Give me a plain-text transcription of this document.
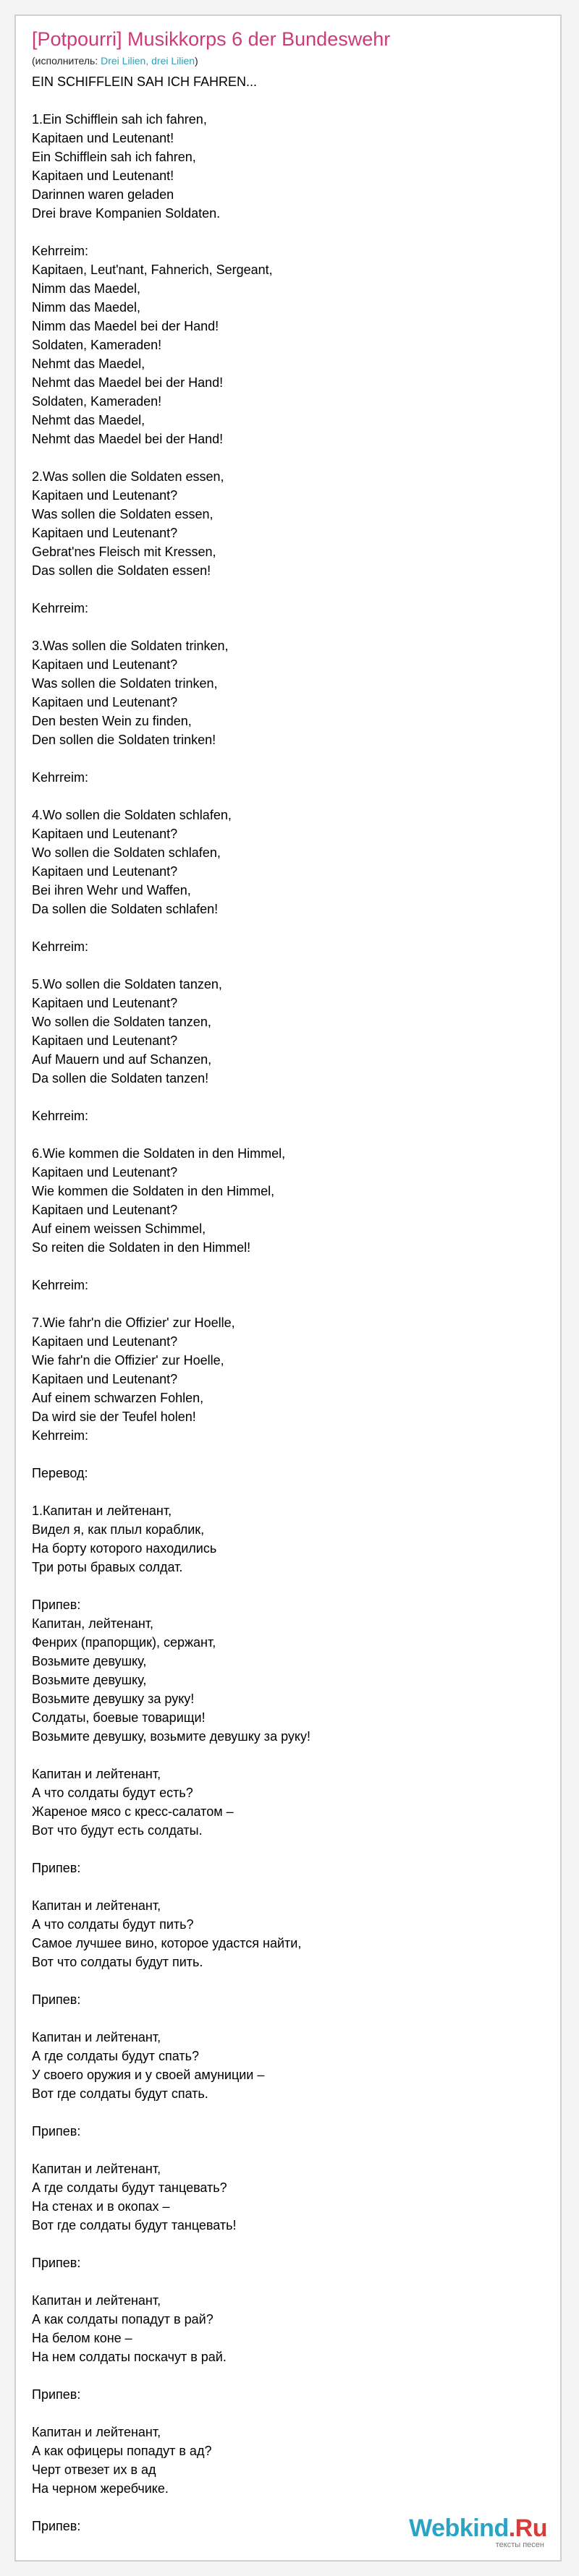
[Potpourri] Musikkorps 6 der Bundeswehr
(исполнитель: Drei Lilien, drei Lilien)
EIN SCHIFFLEIN SAH ICH FAHREN...

1.Ein Schifflein sah ich fahren,
Kapitaen und Leutenant!
Ein Schifflein sah ich fahren,
Kapitaen und Leutenant!
Darinnen waren geladen
Drei brave Kompanien Soldaten.

Kehrreim:
Kapitaen, Leut'nant, Fahnerich, Sergeant,
Nimm das Maedel,
Nimm das Maedel,
Nimm das Maedel bei der Hand!
Soldaten, Kameraden!
Nehmt das Maedel,
Nehmt das Maedel bei der Hand!
Soldaten, Kameraden!
Nehmt das Maedel,
Nehmt das Maedel bei der Hand!

2.Was sollen die Soldaten essen,
Kapitaen und Leutenant?
Was sollen die Soldaten essen,
Kapitaen und Leutenant?
Gebrat'nes Fleisch mit Kressen,
Das sollen die Soldaten essen!

Kehrreim:

3.Was sollen die Soldaten trinken,
Kapitaen und Leutenant?
Was sollen die Soldaten trinken,
Kapitaen und Leutenant?
Den besten Wein zu finden,
Den sollen die Soldaten trinken!

Kehrreim:

4.Wo sollen die Soldaten schlafen,
Kapitaen und Leutenant?
Wo sollen die Soldaten schlafen,
Kapitaen und Leutenant?
Bei ihren Wehr und Waffen,
Da sollen die Soldaten schlafen!

Kehrreim:

5.Wo sollen die Soldaten tanzen,
Kapitaen und Leutenant?
Wo sollen die Soldaten tanzen,
Kapitaen und Leutenant?
Auf Mauern und auf Schanzen,
Da sollen die Soldaten tanzen!

Kehrreim:

6.Wie kommen die Soldaten in den Himmel,
Kapitaen und Leutenant?
Wie kommen die Soldaten in den Himmel,
Kapitaen und Leutenant?
Auf einem weissen Schimmel,
So reiten die Soldaten in den Himmel!

Kehrreim:

7.Wie fahr'n die Offizier' zur Hoelle,
Kapitaen und Leutenant?
Wie fahr'n die Offizier' zur Hoelle,
Kapitaen und Leutenant?
Auf einem schwarzen Fohlen,
Da wird sie der Teufel holen!
Kehrreim:

Перевод:

1.Капитан и лейтенант,
Видел я, как плыл кораблик,
На борту которого находились
Три роты бравых солдат.

Припев:
Капитан, лейтенант,
Фенрих (прапорщик), сержант,
Возьмите девушку,
Возьмите девушку,
Возьмите девушку за руку!
Солдаты, боевые товарищи!
Возьмите девушку, возьмите девушку за руку!

Капитан и лейтенант,
А что солдаты будут есть?
Жареное мясо с кресс-салатом –
Вот что будут есть солдаты.

Припев:

Капитан и лейтенант,
А что солдаты будут пить?
Самое лучшее вино, которое удастся найти,
Вот что солдаты будут пить.

Припев:

Капитан и лейтенант,
А где солдаты будут спать?
У своего оружия и у своей амуниции –
Вот где солдаты будут спать.

Припев:

Капитан и лейтенант,
А где солдаты будут танцевать?
На стенах и в окопах –
Вот где солдаты будут танцевать!

Припев:

Капитан и лейтенант,
А как солдаты попадут в рай?
На белом коне –
На нем солдаты поскачут в рай.

Припев:

Капитан и лейтенант,
А как офицеры попадут в ад?
Черт отвезет их в ад
На черном жеребчике.

Припев:	Webkind.Ru
тексты песен
